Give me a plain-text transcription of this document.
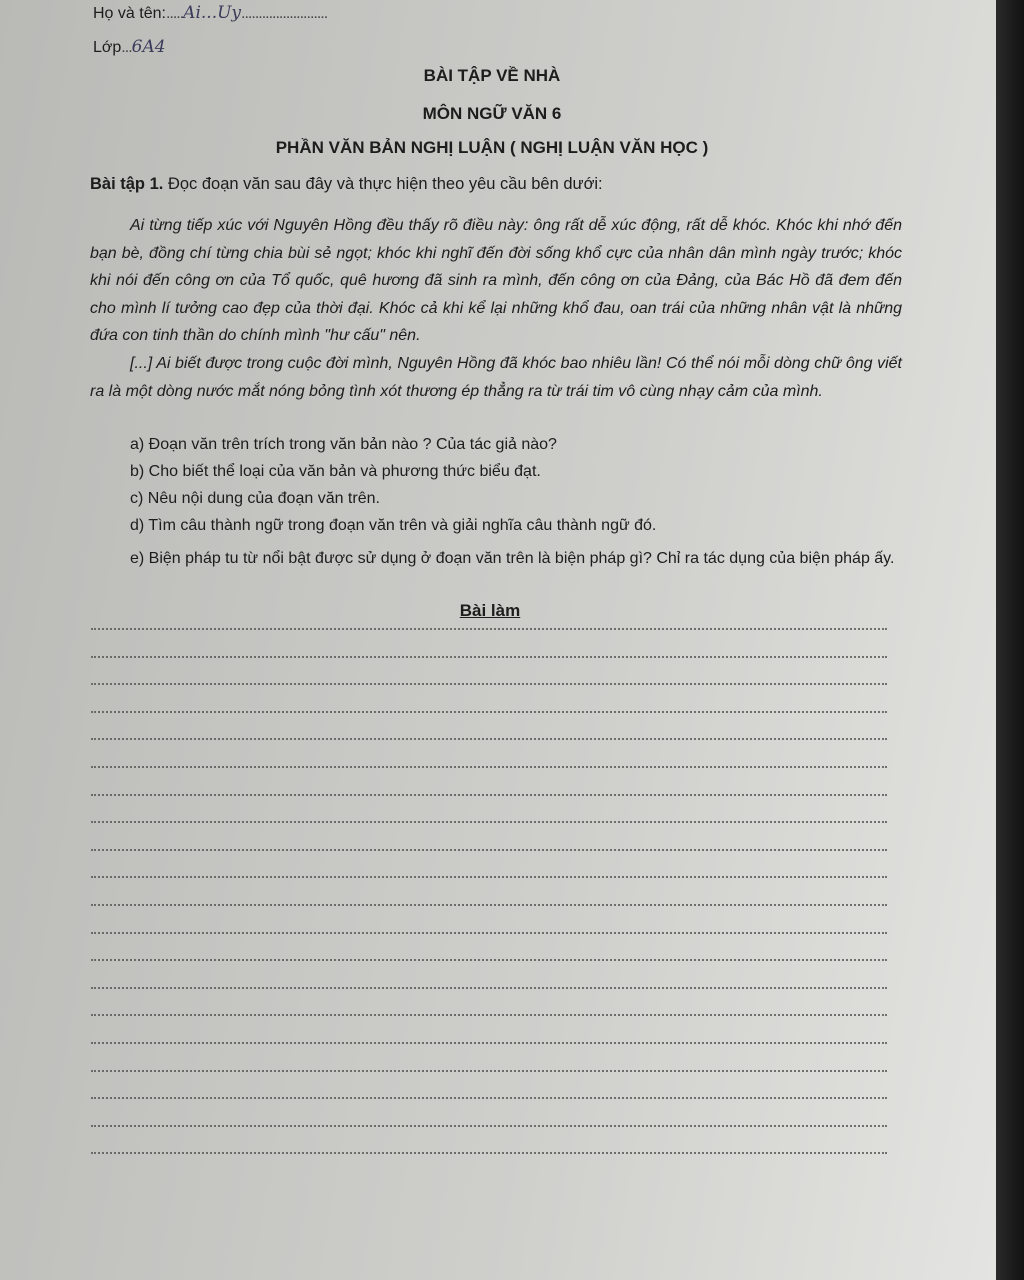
Họ và tên:.....Ai...Uy.........................
Lớp...6A4
BÀI TẬP VỀ NHÀ
MÔN NGỮ VĂN 6
PHẦN VĂN BẢN NGHỊ LUẬN ( NGHỊ LUẬN VĂN HỌC )
Bài tập 1. Đọc đoạn văn sau đây và thực hiện theo yêu cầu bên dưới:
Ai từng tiếp xúc với Nguyên Hồng đều thấy rõ điều này: ông rất dễ xúc động, rất dễ khóc. Khóc khi nhớ đến bạn bè, đồng chí từng chia bùi sẻ ngọt; khóc khi nghĩ đến đời sống khổ cực của nhân dân mình ngày trước; khóc khi nói đến công ơn của Tổ quốc, quê hương đã sinh ra mình, đến công ơn của Đảng, của Bác Hồ đã đem đến cho mình lí tưởng cao đẹp của thời đại. Khóc cả khi kể lại những khổ đau, oan trái của những nhân vật là những đứa con tinh thần do chính mình "hư cấu" nên.
[...] Ai biết được trong cuộc đời mình, Nguyên Hồng đã khóc bao nhiêu lần! Có thể nói mỗi dòng chữ ông viết ra là một dòng nước mắt nóng bỏng tình xót thương ép thẳng ra từ trái tim vô cùng nhạy cảm của mình.
a) Đoạn văn trên trích trong văn bản nào ? Của tác giả nào?
b) Cho biết thể loại của văn bản và phương thức biểu đạt.
c) Nêu nội dung của đoạn văn trên.
d) Tìm câu thành ngữ trong đoạn văn trên và giải nghĩa câu thành ngữ đó.
e) Biện pháp tu từ nổi bật được sử dụng ở đoạn văn trên là biện pháp gì? Chỉ ra tác dụng của biện pháp ấy.
Bài làm
